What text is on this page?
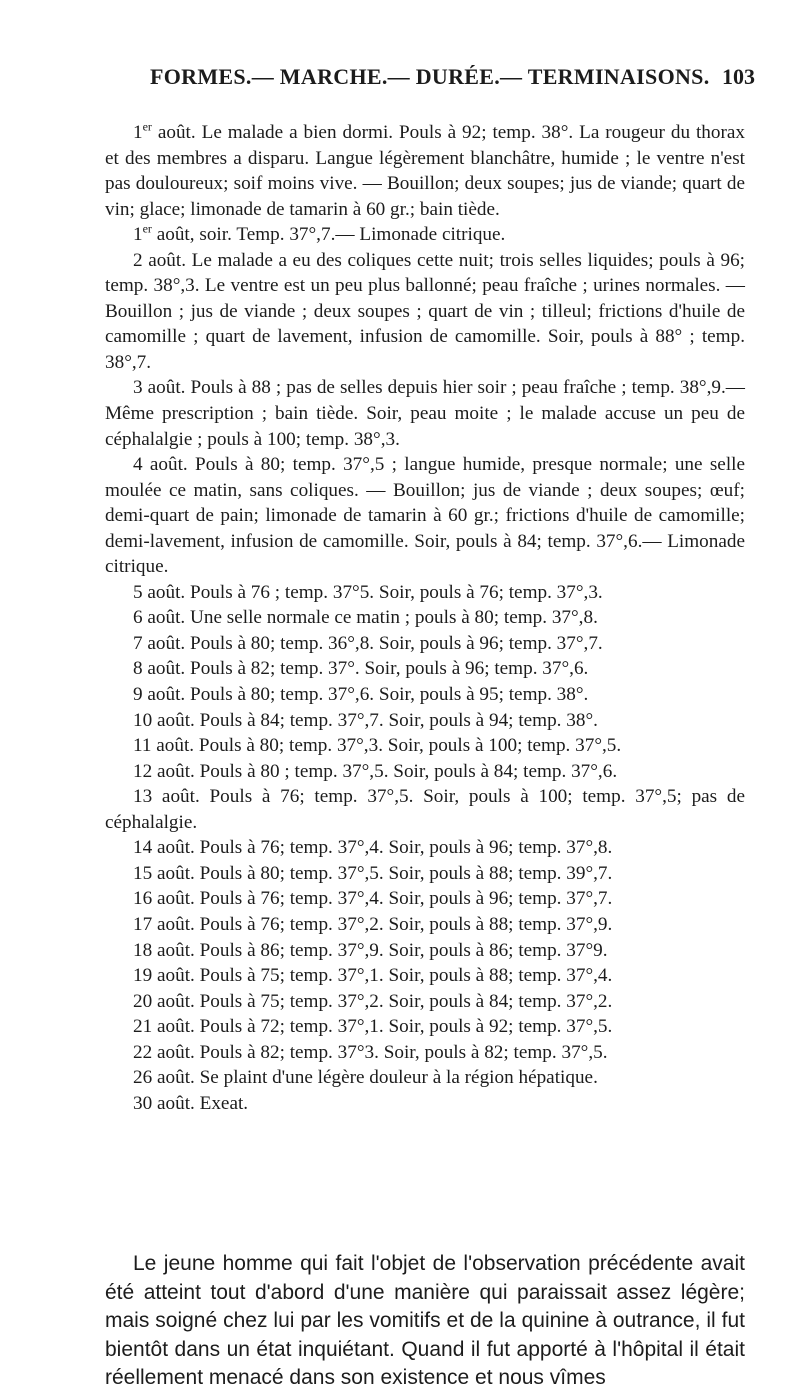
FORMES.— MARCHE.— DURÉE.— TERMINAISONS. 103

1er août. Le malade a bien dormi. Pouls à 92; temp. 38°. La rougeur du thorax et des membres a disparu. Langue légèrement blanchâtre, humide ; le ventre n'est pas douloureux; soif moins vive. — Bouillon; deux soupes; jus de viande; quart de vin; glace; limonade de tamarin à 60 gr.; bain tiède.

1er août, soir. Temp. 37°,7.— Limonade citrique.

2 août. Le malade a eu des coliques cette nuit; trois selles liquides; pouls à 96; temp. 38°,3. Le ventre est un peu plus ballonné; peau fraîche ; urines normales. — Bouillon ; jus de viande ; deux soupes ; quart de vin ; tilleul; frictions d'huile de camomille ; quart de lavement, infusion de camomille. Soir, pouls à 88° ; temp. 38°,7.

3 août. Pouls à 88 ; pas de selles depuis hier soir ; peau fraîche ; temp. 38°,9.— Même prescription ; bain tiède. Soir, peau moite ; le malade accuse un peu de céphalalgie ; pouls à 100; temp. 38°,3.

4 août. Pouls à 80; temp. 37°,5 ; langue humide, presque normale; une selle moulée ce matin, sans coliques. — Bouillon; jus de viande ; deux soupes; œuf; demi-quart de pain; limonade de tamarin à 60 gr.; frictions d'huile de camomille; demi-lavement, infusion de camomille. Soir, pouls à 84; temp. 37°,6.— Limonade citrique.

5 août. Pouls à 76 ; temp. 37°5. Soir, pouls à 76; temp. 37°,3.

6 août. Une selle normale ce matin ; pouls à 80; temp. 37°,8.

7 août. Pouls à 80; temp. 36°,8. Soir, pouls à 96; temp. 37°,7.

8 août. Pouls à 82; temp. 37°. Soir, pouls à 96; temp. 37°,6.

9 août. Pouls à 80; temp. 37°,6. Soir, pouls à 95; temp. 38°.

10 août. Pouls à 84; temp. 37°,7. Soir, pouls à 94; temp. 38°.

11 août. Pouls à 80; temp. 37°,3. Soir, pouls à 100; temp. 37°,5.

12 août. Pouls à 80 ; temp. 37°,5. Soir, pouls à 84; temp. 37°,6.

13 août. Pouls à 76; temp. 37°,5. Soir, pouls à 100; temp. 37°,5; pas de céphalalgie.

14 août. Pouls à 76; temp. 37°,4. Soir, pouls à 96; temp. 37°,8.

15 août. Pouls à 80; temp. 37°,5. Soir, pouls à 88; temp. 39°,7.

16 août. Pouls à 76; temp. 37°,4. Soir, pouls à 96; temp. 37°,7.

17 août. Pouls à 76; temp. 37°,2. Soir, pouls à 88; temp. 37°,9.

18 août. Pouls à 86; temp. 37°,9. Soir, pouls à 86; temp. 37°9.

19 août. Pouls à 75; temp. 37°,1. Soir, pouls à 88; temp. 37°,4.

20 août. Pouls à 75; temp. 37°,2. Soir, pouls à 84; temp. 37°,2.

21 août. Pouls à 72; temp. 37°,1. Soir, pouls à 92; temp. 37°,5.

22 août. Pouls à 82; temp. 37°3. Soir, pouls à 82; temp. 37°,5.

26 août. Se plaint d'une légère douleur à la région hépatique.

30 août. Exeat.

Le jeune homme qui fait l'objet de l'observation précédente avait été atteint tout d'abord d'une manière qui paraissait assez légère; mais soigné chez lui par les vomitifs et de la quinine à outrance, il fut bientôt dans un état inquiétant. Quand il fut apporté à l'hôpital il était réellement menacé dans son existence et nous vîmes
